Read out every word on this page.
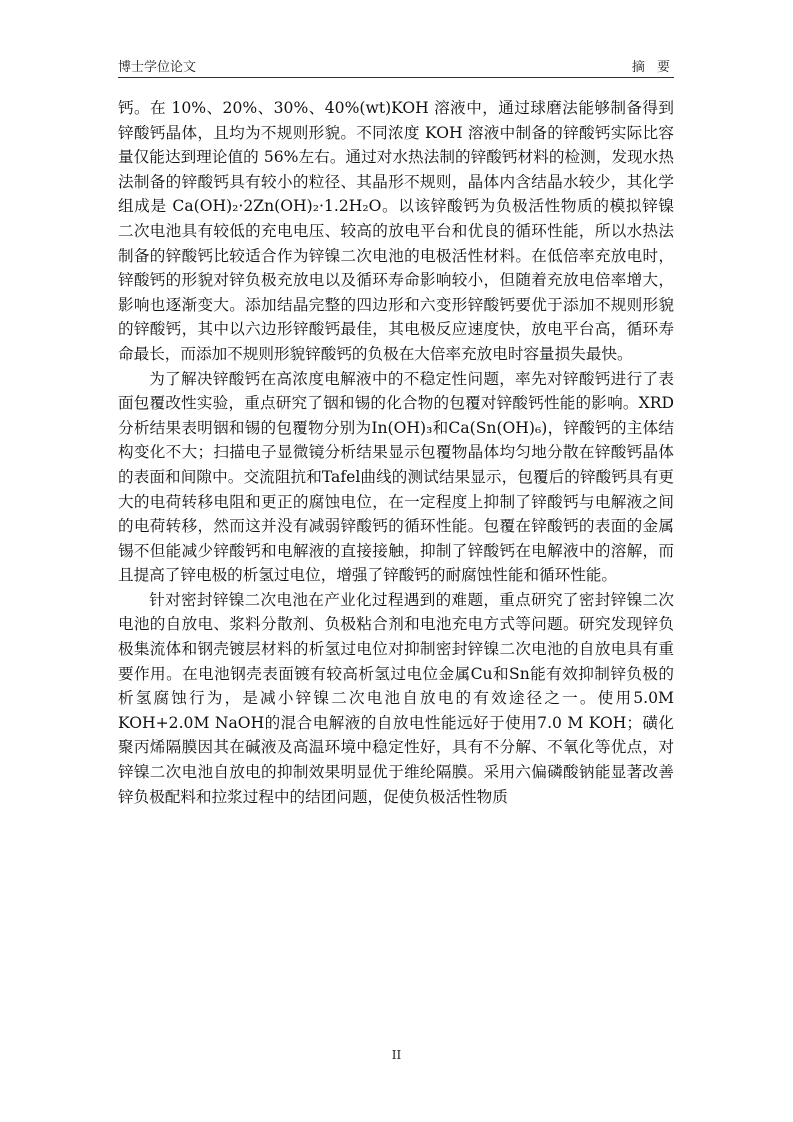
博士学位论文	摘 要

钙。在 10%、20%、30%、40%(wt)KOH 溶液中，通过球磨法能够制备得到锌酸钙晶体，且均为不规则形貌。不同浓度 KOH 溶液中制备的锌酸钙实际比容量仅能达到理论值的 56%左右。通过对水热法制的锌酸钙材料的检测，发现水热法制备的锌酸钙具有较小的粒径、其晶形不规则，晶体内含结晶水较少，其化学组成是 Ca(OH)₂·2Zn(OH)₂·1.2H₂O。以该锌酸钙为负极活性物质的模拟锌镍二次电池具有较低的充电电压、较高的放电平台和优良的循环性能，所以水热法制备的锌酸钙比较适合作为锌镍二次电池的电极活性材料。在低倍率充放电时，锌酸钙的形貌对锌负极充放电以及循环寿命影响较小，但随着充放电倍率增大，影响也逐渐变大。添加结晶完整的四边形和六变形锌酸钙要优于添加不规则形貌的锌酸钙，其中以六边形锌酸钙最佳，其电极反应速度快，放电平台高，循环寿命最长，而添加不规则形貌锌酸钙的负极在大倍率充放电时容量损失最快。

为了解决锌酸钙在高浓度电解液中的不稳定性问题，率先对锌酸钙进行了表面包覆改性实验，重点研究了铟和锡的化合物的包覆对锌酸钙性能的影响。XRD 分析结果表明铟和锡的包覆物分别为In(OH)₃和Ca(Sn(OH)₆)，锌酸钙的主体结构变化不大；扫描电子显微镜分析结果显示包覆物晶体均匀地分散在锌酸钙晶体的表面和间隙中。交流阻抗和Tafel曲线的测试结果显示，包覆后的锌酸钙具有更大的电荷转移电阻和更正的腐蚀电位，在一定程度上抑制了锌酸钙与电解液之间的电荷转移，然而这并没有减弱锌酸钙的循环性能。包覆在锌酸钙的表面的金属锡不但能减少锌酸钙和电解液的直接接触，抑制了锌酸钙在电解液中的溶解，而且提高了锌电极的析氢过电位，增强了锌酸钙的耐腐蚀性能和循环性能。

针对密封锌镍二次电池在产业化过程遇到的难题，重点研究了密封锌镍二次电池的自放电、浆料分散剂、负极粘合剂和电池充电方式等问题。研究发现锌负极集流体和钢壳镀层材料的析氢过电位对抑制密封锌镍二次电池的自放电具有重要作用。在电池钢壳表面镀有较高析氢过电位金属Cu和Sn能有效抑制锌负极的析氢腐蚀行为，是减小锌镍二次电池自放电的有效途径之一。使用5.0M KOH+2.0M NaOH的混合电解液的自放电性能远好于使用7.0 M KOH；磺化聚丙烯隔膜因其在碱液及高温环境中稳定性好，具有不分解、不氧化等优点，对锌镍二次电池自放电的抑制效果明显优于维纶隔膜。采用六偏磷酸钠能显著改善锌负极配料和拉浆过程中的结团问题，促使负极活性物质

II
